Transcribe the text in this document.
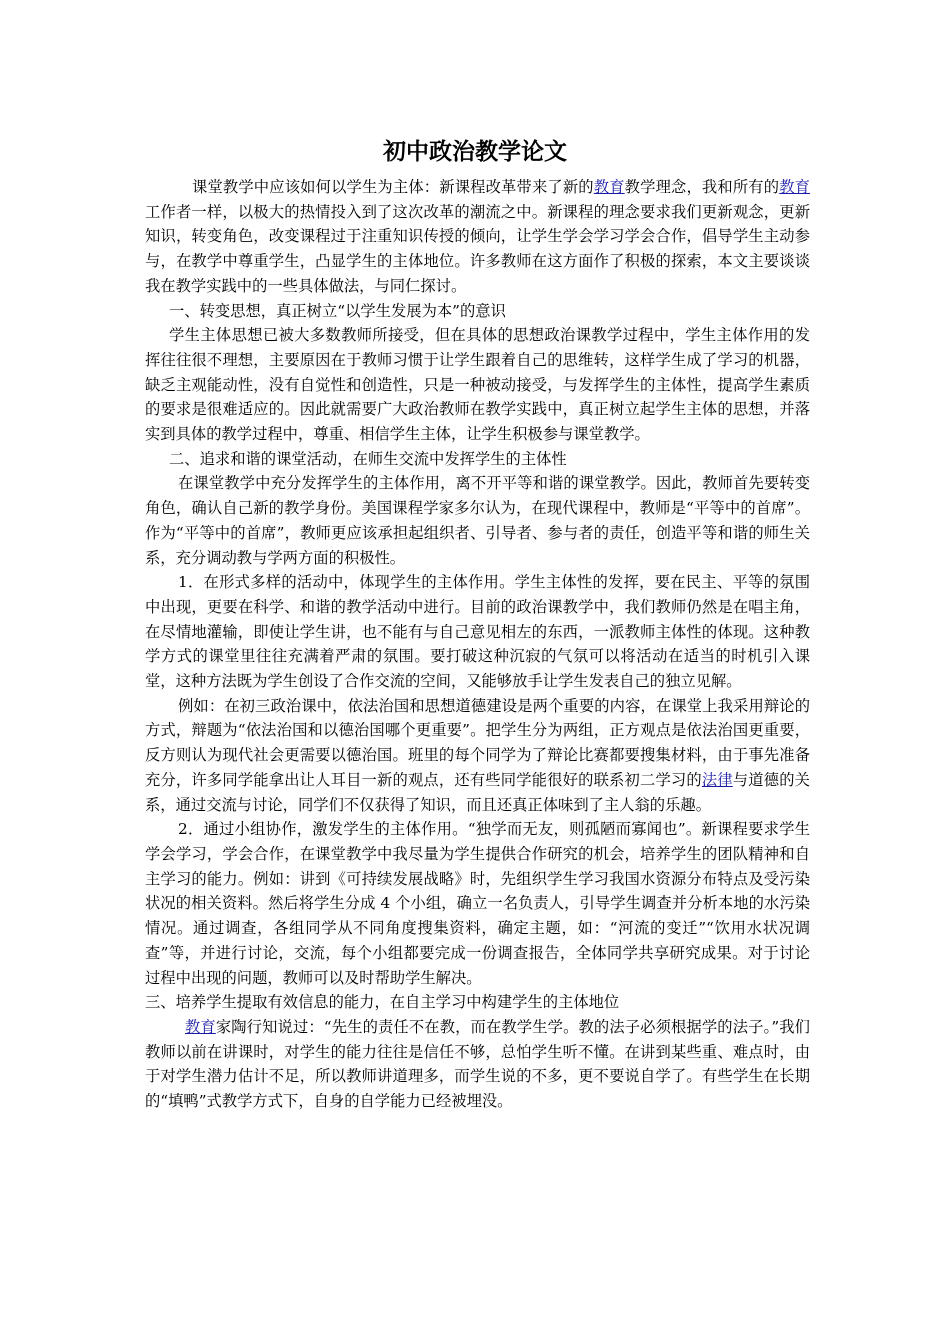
初中政治教学论文

课堂教学中应该如何以学生为主体：新课程改革带来了新的教育教学理念，我和所有的教育工作者一样，以极大的热情投入到了这次改革的潮流之中。新课程的理念要求我们更新观念，更新知识，转变角色，改变课程过于注重知识传授的倾向，让学生学会学习学会合作，倡导学生主动参与，在教学中尊重学生，凸显学生的主体地位。许多教师在这方面作了积极的探索，本文主要谈谈我在教学实践中的一些具体做法，与同仁探讨。

一、转变思想，真正树立“以学生发展为本”的意识

学生主体思想已被大多数教师所接受，但在具体的思想政治课教学过程中，学生主体作用的发挥往往很不理想，主要原因在于教师习惯于让学生跟着自己的思维转，这样学生成了学习的机器，缺乏主观能动性，没有自觉性和创造性，只是一种被动接受，与发挥学生的主体性，提高学生素质的要求是很难适应的。因此就需要广大政治教师在教学实践中，真正树立起学生主体的思想，并落实到具体的教学过程中，尊重、相信学生主体，让学生积极参与课堂教学。

二、追求和谐的课堂活动，在师生交流中发挥学生的主体性

在课堂教学中充分发挥学生的主体作用，离不开平等和谐的课堂教学。因此，教师首先要转变角色，确认自己新的教学身份。美国课程学家多尔认为，在现代课程中，教师是“平等中的首席”。作为“平等中的首席”，教师更应该承担起组织者、引导者、参与者的责任，创造平等和谐的师生关系，充分调动教与学两方面的积极性。

1．在形式多样的活动中，体现学生的主体作用。学生主体性的发挥，要在民主、平等的氛围中出现，更要在科学、和谐的教学活动中进行。目前的政治课教学中，我们教师仍然是在唱主角，在尽情地灌输，即使让学生讲，也不能有与自己意见相左的东西，一派教师主体性的体现。这种教学方式的课堂里往往充满着严肃的氛围。要打破这种沉寂的气氛可以将活动在适当的时机引入课堂，这种方法既为学生创设了合作交流的空间，又能够放手让学生发表自己的独立见解。

例如：在初三政治课中，依法治国和思想道德建设是两个重要的内容，在课堂上我采用辩论的方式，辩题为“依法治国和以德治国哪个更重要”。把学生分为两组，正方观点是依法治国更重要，反方则认为现代社会更需要以德治国。班里的每个同学为了辩论比赛都要搜集材料，由于事先准备充分，许多同学能拿出让人耳目一新的观点，还有些同学能很好的联系初二学习的法律与道德的关系，通过交流与讨论，同学们不仅获得了知识，而且还真正体味到了主人翁的乐趣。

2．通过小组协作，激发学生的主体作用。“独学而无友，则孤陋而寡闻也”。新课程要求学生学会学习，学会合作，在课堂教学中我尽量为学生提供合作研究的机会，培养学生的团队精神和自主学习的能力。例如：讲到《可持续发展战略》时，先组织学生学习我国水资源分布特点及受污染状况的相关资料。然后将学生分成 4 个小组，确立一名负责人，引导学生调查并分析本地的水污染情况。通过调查，各组同学从不同角度搜集资料，确定主题，如：“河流的变迁”“饮用水状况调查”等，并进行讨论，交流，每个小组都要完成一份调查报告，全体同学共享研究成果。对于讨论过程中出现的问题，教师可以及时帮助学生解决。

三、培养学生提取有效信息的能力，在自主学习中构建学生的主体地位

教育家陶行知说过：“先生的责任不在教，而在教学生学。教的法子必须根据学的法子。”我们教师以前在讲课时，对学生的能力往往是信任不够，总怕学生听不懂。在讲到某些重、难点时，由于对学生潜力估计不足，所以教师讲道理多，而学生说的不多，更不要说自学了。有些学生在长期的“填鸭”式教学方式下，自身的自学能力已经被埋没。
